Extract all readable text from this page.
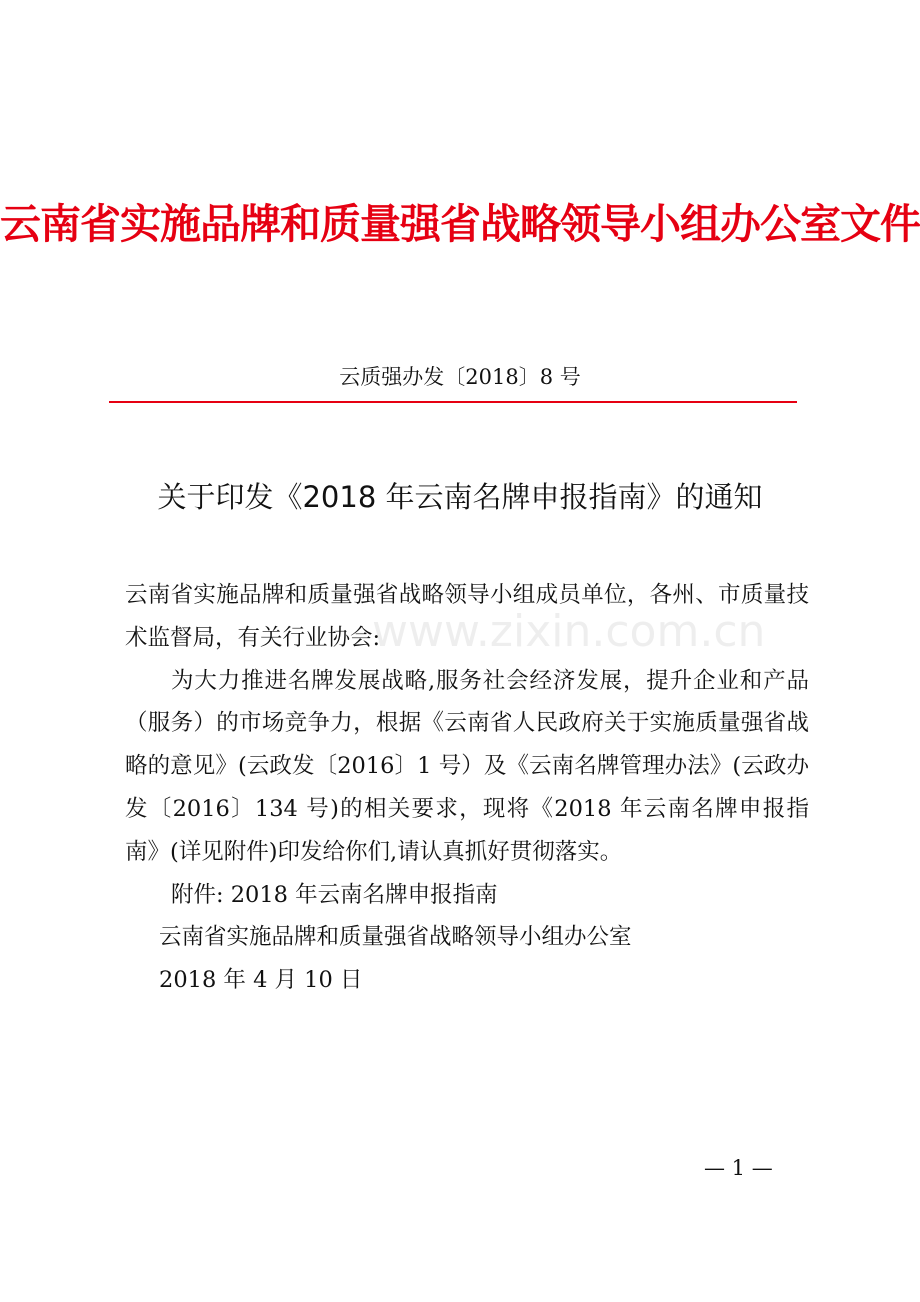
云南省实施品牌和质量强省战略领导小组办公室文件
云质强办发〔2018〕8 号
关于印发《2018 年云南名牌申报指南》的通知

云南省实施品牌和质量强省战略领导小组成员单位，各州、市质量技术监督局，有关行业协会:

为大力推进名牌发展战略,服务社会经济发展，提升企业和产品（服务）的市场竞争力，根据《云南省人民政府关于实施质量强省战略的意见》(云政发〔2016〕1 号）及《云南名牌管理办法》(云政办发〔2016〕134 号)的相关要求，现将《2018 年云南名牌申报指南》(详见附件)印发给你们,请认真抓好贯彻落实。

附件: 2018 年云南名牌申报指南

云南省实施品牌和质量强省战略领导小组办公室

2018 年 4 月 10 日

www.zixin.com.cn
— 1 —
